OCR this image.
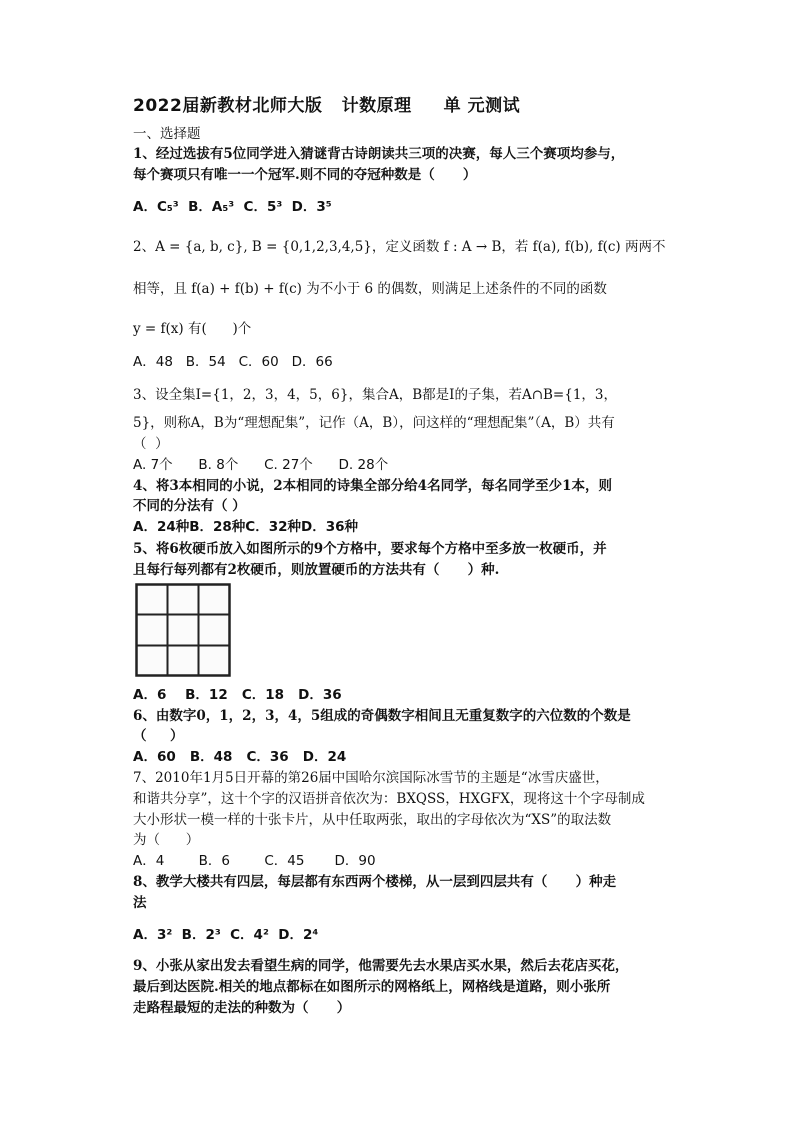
2022届新教材北师大版   计数原理     单 元测试
一、选择题
1、经过选拔有5位同学进入猜谜背古诗朗读共三项的决赛，每人三个赛项均参与，
每个赛项只有唯一一个冠军.则不同的夺冠种数是（      ）
A．C₅³  B．A₅³  C．5³  D．3⁵
2、A = {a, b, c}, B = {0,1,2,3,4,5}，定义函数 f : A → B，若 f(a), f(b), f(c) 两两不
相等，且 f(a) + f(b) + f(c) 为不小于 6 的偶数，则满足上述条件的不同的函数
y = f(x) 有(      )个
A．48   B．54   C．60   D．66
3、设全集I={1，2，3，4，5，6}，集合A，B都是I的子集，若A∩B={1，3，
5}，则称A，B为“理想配集”，记作（A，B），问这样的“理想配集”（A，B）共有
（  ）
A. 7个      B. 8个      C. 27个      D. 28个
4、将3本相同的小说，2本相同的诗集全部分给4名同学，每名同学至少1本，则
不同的分法有（ ）
A．24种B．28种C．32种D．36种
5、将6枚硬币放入如图所示的9个方格中，要求每个方格中至多放一枚硬币，并
且每行每列都有2枚硬币，则放置硬币的方法共有（      ）种.
A．6    B．12   C．18   D．36
6、由数字0，1，2，3，4，5组成的奇偶数字相间且无重复数字的六位数的个数是
（     ）
A．60   B．48   C．36   D．24
7、2010年1月5日开幕的第26届中国哈尔滨国际冰雪节的主题是“冰雪庆盛世，
和谐共分享”，这十个字的汉语拼音依次为：BXQSS，HXGFX，现将这十个字母制成
大小形状一模一样的十张卡片，从中任取两张，取出的字母依次为“XS”的取法数
为（      ）
A．4        B．6        C．45       D．90
8、教学大楼共有四层，每层都有东西两个楼梯，从一层到四层共有（      ）种走
法
A．3²  B．2³  C．4²  D．2⁴
9、小张从家出发去看望生病的同学，他需要先去水果店买水果，然后去花店买花，
最后到达医院.相关的地点都标在如图所示的网格纸上，网格线是道路，则小张所
走路程最短的走法的种数为（      ）
